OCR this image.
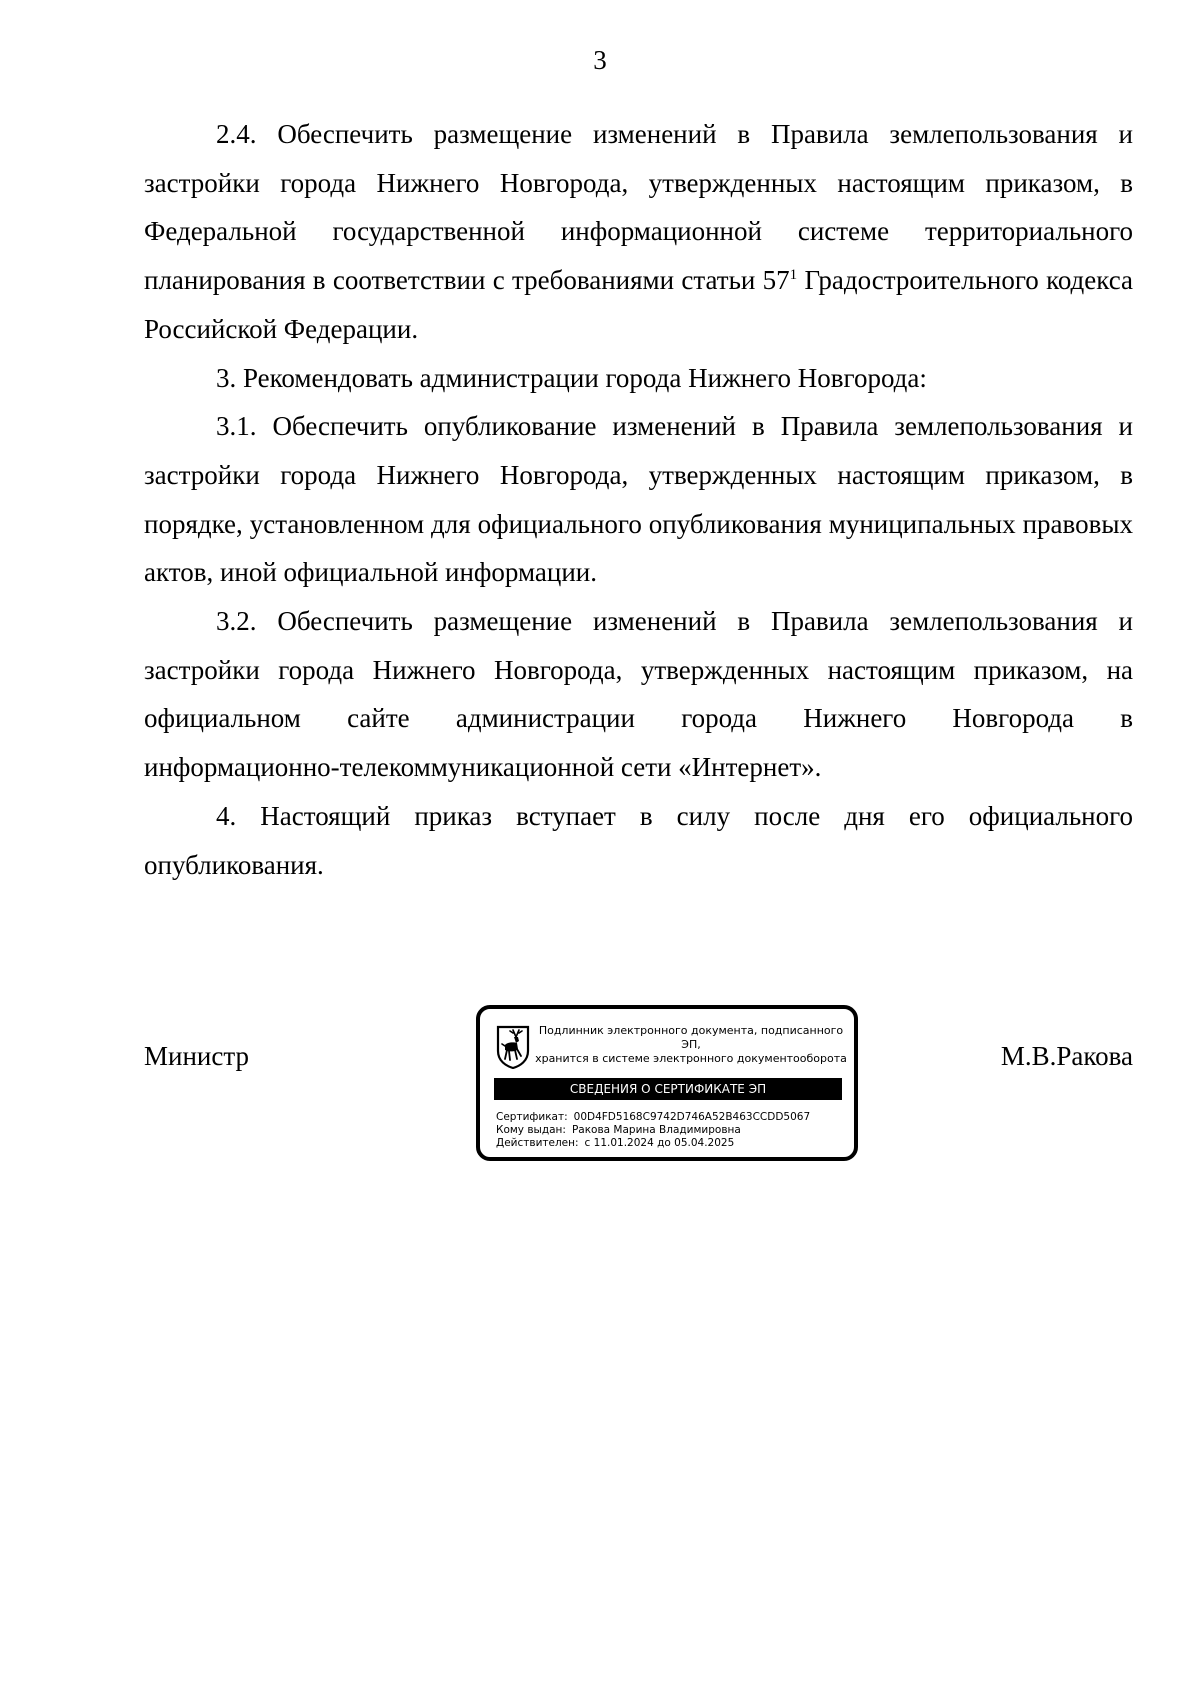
3

2.4. Обеспечить размещение изменений в Правила землепользования и застройки города Нижнего Новгорода, утвержденных настоящим приказом, в Федеральной государственной информационной системе территориального планирования в соответствии с требованиями статьи $57^1$ Градостроительного кодекса Российской Федерации.

3. Рекомендовать администрации города Нижнего Новгорода:

3.1. Обеспечить опубликование изменений в Правила землепользования и застройки города Нижнего Новгорода, утвержденных настоящим приказом, в порядке, установленном для официального опубликования муниципальных правовых актов, иной официальной информации.

3.2. Обеспечить размещение изменений в Правила землепользования и застройки города Нижнего Новгорода, утвержденных настоящим приказом, на официальном сайте администрации города Нижнего Новгорода в

информационно-телекоммуникационной сети «Интернет».

4. Настоящий приказ вступает в силу после дня его официального опубликования.

Министр	М.В.Ракова
Подлинник электронного документа, подписанного ЭП,
хранится в системе электронного документооборота
СВЕДЕНИЯ О СЕРТИФИКАТЕ ЭП
Сертификат: 00D4FD5168C9742D746A52B463CCDD5067
Кому выдан: Ракова Марина Владимировна
Действителен: с 11.01.2024 до 05.04.2025
